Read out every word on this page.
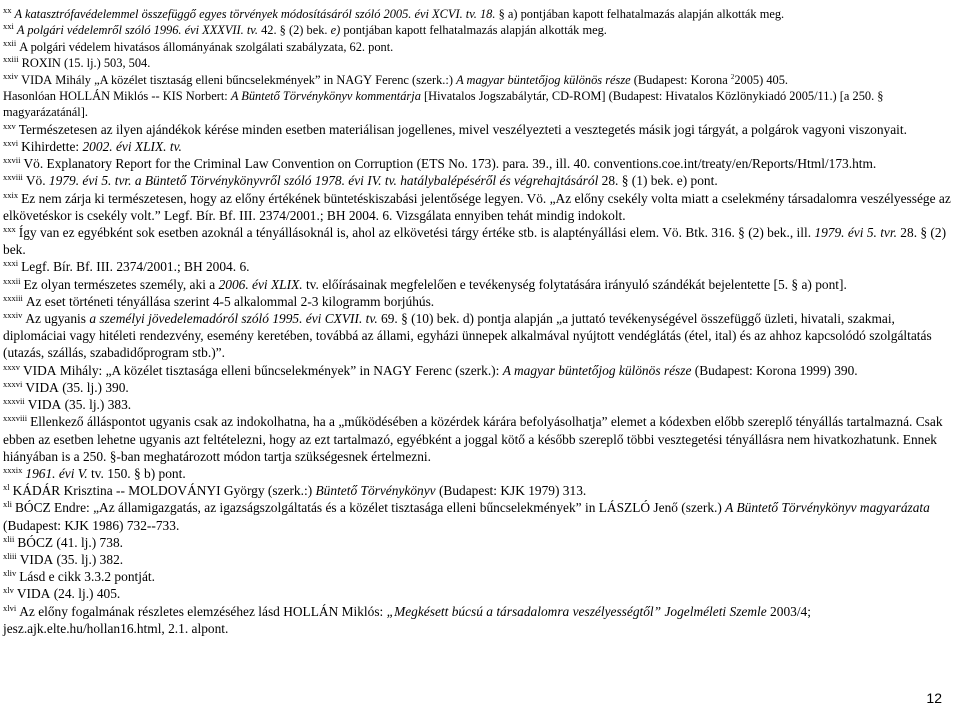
$^{xx}$ A katasztrófavédelemmel összefüggő egyes törvények módosításáról szóló 2005. évi XCVI. tv. 18. § a) pontjában kapott felhatalmazás alapján alkották meg.

$^{xxi}$ A polgári védelemről szóló 1996. évi XXXVII. tv. 42. § (2) bek. e) pontjában kapott felhatalmazás alapján alkották meg.

$^{xxii}$ A polgári védelem hivatásos állományának szolgálati szabályzata, 62. pont.

$^{xxiii}$ ROXIN (15. lj.) 503, 504.

$^{xxiv}$ VIDA Mihály „A közélet tisztaság elleni bűncselekmények” in NAGY Ferenc (szerk.:) A magyar büntetőjog különös része (Budapest: Korona $^2$2005) 405.

Hasonlóan HOLLÁN Miklós -- KIS Norbert: A Büntető Törvénykönyv kommentárja [Hivatalos Jogszabálytár, CD-ROM] (Budapest: Hivatalos Közlönykiadó 2005/11.) [a 250. § magyarázatánál].

$^{xxv}$ Természetesen az ilyen ajándékok kérése minden esetben materiálisan jogellenes, mivel veszélyezteti a vesztegetés másik jogi tárgyát, a polgárok vagyoni viszonyait.

$^{xxvi}$ Kihirdette: 2002. évi XLIX. tv.

$^{xxvii}$ Vö. Explanatory Report for the Criminal Law Convention on Corruption (ETS No. 173). para. 39., ill. 40. conventions.coe.int/treaty/en/Reports/Html/173.htm.

$^{xxviii}$ Vö. 1979. évi 5. tvr. a Büntető Törvénykönyvről szóló 1978. évi IV. tv. hatálybalépéséről és végrehajtásáról 28. § (1) bek. e) pont.

$^{xxix}$ Ez nem zárja ki természetesen, hogy az előny értékének büntetéskiszabási jelentősége legyen. Vö. „Az előny csekély volta miatt a cselekmény társadalomra veszélyessége az elkövetéskor is csekély volt.” Legf. Bír. Bf. III. 2374/2001.; BH 2004. 6. Vizsgálata ennyiben tehát mindig indokolt.

$^{xxx}$ Így van ez egyébként sok esetben azoknál a tényállásoknál is, ahol az elkövetési tárgy értéke stb. is alaptényállási elem. Vö. Btk. 316. § (2) bek., ill. 1979. évi 5. tvr. 28. § (2) bek.

$^{xxxi}$ Legf. Bír. Bf. III. 2374/2001.; BH 2004. 6.

$^{xxxii}$ Ez olyan természetes személy, aki a 2006. évi XLIX. tv. előírásainak megfelelően e tevékenység folytatására irányuló szándékát bejelentette [5. § a) pont].

$^{xxxiii}$ Az eset történeti tényállása szerint 4-5 alkalommal 2-3 kilogramm borjúhús.

$^{xxxiv}$ Az ugyanis a személyi jövedelemadóról szóló 1995. évi CXVII. tv. 69. § (10) bek. d) pontja alapján „a juttató tevékenységével összefüggő üzleti, hivatali, szakmai, diplomáciai vagy hitéleti rendezvény, esemény keretében, továbbá az állami, egyházi ünnepek alkalmával nyújtott vendéglátás (étel, ital) és az ahhoz kapcsolódó szolgáltatás (utazás, szállás, szabadidőprogram stb.)”.

$^{xxxv}$ VIDA Mihály: „A közélet tisztasága elleni bűncselekmények” in NAGY Ferenc (szerk.): A magyar büntetőjog különös része (Budapest: Korona 1999) 390.

$^{xxxvi}$ VIDA (35. lj.) 390.

$^{xxxvii}$ VIDA (35. lj.) 383.

$^{xxxviii}$ Ellenkező álláspontot ugyanis csak az indokolhatna, ha a „működésében a közérdek kárára befolyásolhatja” elemet a kódexben előbb szereplő tényállás tartalmazná. Csak ebben az esetben lehetne ugyanis azt feltételezni, hogy az ezt tartalmazó, egyébként a joggal kötő a később szereplő többi vesztegetési tényállásra nem hivatkozhatunk. Ennek hiányában is a 250. §-ban meghatározott módon tartja szükségesnek értelmezni.

$^{xxxix}$ 1961. évi V. tv. 150. § b) pont.

$^{xl}$ KÁDÁR Krisztina -- MOLDOVÁNYI György (szerk.:) Büntető Törvénykönyv (Budapest: KJK 1979) 313.

$^{xli}$ BÓCZ Endre: „Az államigazgatás, az igazságszolgáltatás és a közélet tisztasága elleni bűncselekmények” in LÁSZLÓ Jenő (szerk.) A Büntető Törvénykönyv magyarázata (Budapest: KJK 1986) 732--733.

$^{xlii}$ BÓCZ (41. lj.) 738.

$^{xliii}$ VIDA (35. lj.) 382.

$^{xliv}$ Lásd e cikk 3.3.2 pontját.

$^{xlv}$ VIDA (24. lj.) 405.

$^{xlvi}$ Az előny fogalmának részletes elemzéséhez lásd HOLLÁN Miklós: „Megkésett búcsú a társadalomra veszélyességtől” Jogelméleti Szemle 2003/4; jesz.ajk.elte.hu/hollan16.html, 2.1. alpont.

12
